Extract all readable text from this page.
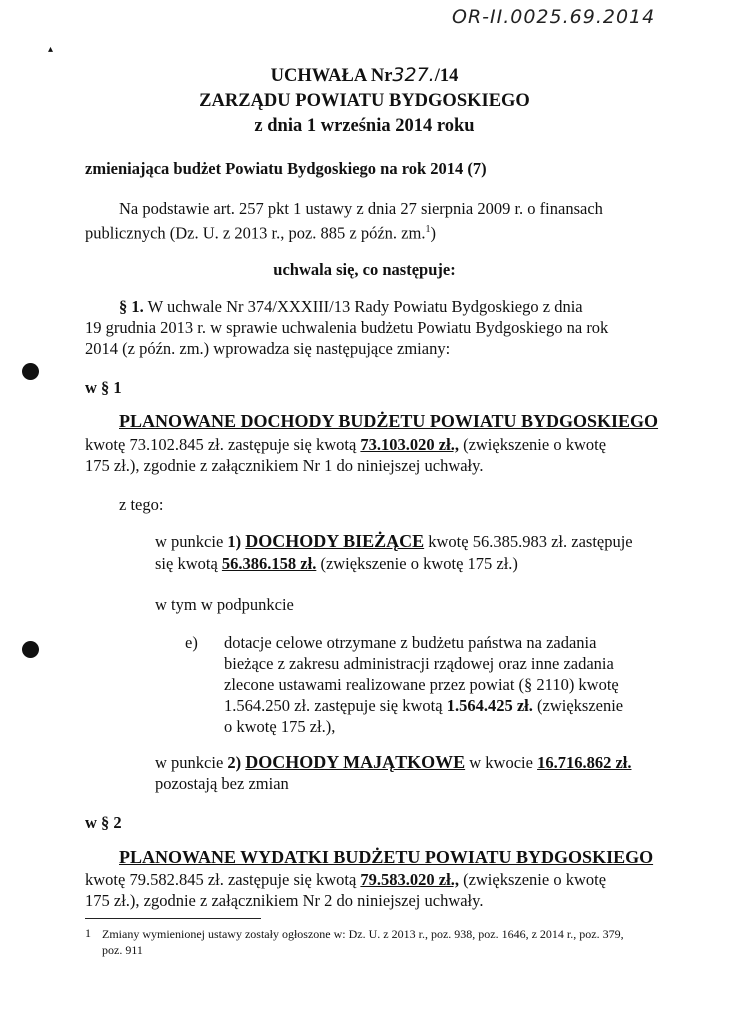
OR-II.0025.69.2014
▴
UCHWAŁA Nr327./14
ZARZĄDU POWIATU BYDGOSKIEGO
z dnia 1 września 2014 roku
zmieniająca budżet Powiatu Bydgoskiego na rok 2014 (7)
Na podstawie art. 257 pkt 1 ustawy z dnia 27 sierpnia 2009 r. o finansach
publicznych (Dz. U. z 2013 r., poz. 885 z późn. zm.$^1$)
uchwala się, co następuje:
§ 1. W uchwale Nr 374/XXXIII/13 Rady Powiatu Bydgoskiego z dnia
19 grudnia 2013 r. w sprawie uchwalenia budżetu Powiatu Bydgoskiego na rok
2014 (z późn. zm.) wprowadza się następujące zmiany:
w § 1
PLANOWANE DOCHODY BUDŻETU POWIATU BYDGOSKIEGO
kwotę 73.102.845 zł. zastępuje się kwotą 73.103.020 zł., (zwiększenie o kwotę
175 zł.), zgodnie z załącznikiem Nr 1 do niniejszej uchwały.
z tego:
w punkcie 1) DOCHODY BIEŻĄCE kwotę 56.385.983 zł. zastępuje
się kwotą 56.386.158 zł. (zwiększenie o kwotę 175 zł.)
w tym w podpunkcie
e) dotacje celowe otrzymane z budżetu państwa na zadania
bieżące z zakresu administracji rządowej oraz inne zadania
zlecone ustawami realizowane przez powiat (§ 2110) kwotę
1.564.250 zł. zastępuje się kwotą 1.564.425 zł. (zwiększenie
o kwotę 175 zł.),
w punkcie 2) DOCHODY MAJĄTKOWE w kwocie 16.716.862 zł.
pozostają bez zmian
w § 2
PLANOWANE WYDATKI BUDŻETU POWIATU BYDGOSKIEGO
kwotę 79.582.845 zł. zastępuje się kwotą 79.583.020 zł., (zwiększenie o kwotę
175 zł.), zgodnie z załącznikiem Nr 2 do niniejszej uchwały.
1 Zmiany wymienionej ustawy zostały ogłoszone w: Dz. U. z 2013 r., poz. 938, poz. 1646, z 2014 r., poz. 379,
poz. 911
